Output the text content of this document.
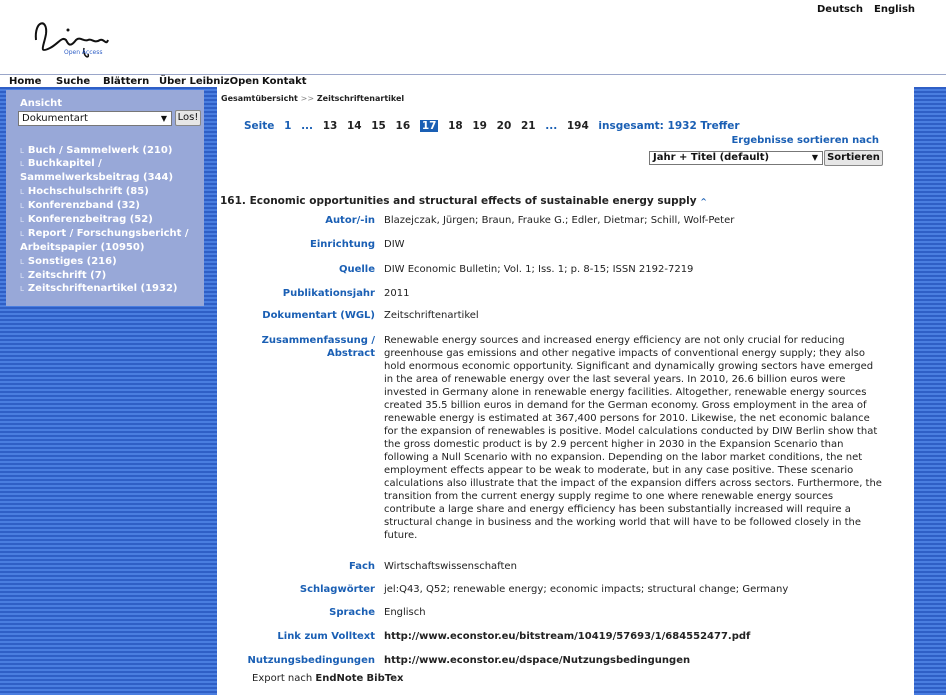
Open Access
Deutsch English
Home Suche Blättern Über LeibnizOpen Kontakt
Ansicht
Dokumentart	▼ Los!
L Buch / Sammelwerk (210)
L Buchkapitel /
Sammelwerksbeitrag (344)
L Hochschulschrift (85)
L Konferenzband (32)
L Konferenzbeitrag (52)
L Report / Forschungsbericht /
Arbeitspapier (10950)
L Sonstiges (216)
L Zeitschrift (7)
L Zeitschriftenartikel (1932)
Gesamtübersicht >> Zeitschriftenartikel
Seite 1 ... 13 14 15 16 17 18 19 20 21 ... 194 insgesamt: 1932 Treffer
Ergebnisse sortieren nach
Jahr + Titel (default)	▼ Sortieren
161. Economic opportunities and structural effects of sustainable energy supply ^
Autor/-in Blazejczak, Jürgen; Braun, Frauke G.; Edler, Dietmar; Schill, Wolf-Peter
Einrichtung DIW
Quelle DIW Economic Bulletin; Vol. 1; Iss. 1; p. 8-15; ISSN 2192-7219
Publikationsjahr 2011
Dokumentart (WGL) Zeitschriftenartikel
Zusammenfassung /
Abstract
Renewable energy sources and increased energy efficiency are not only crucial for reducing greenhouse gas emissions and other negative impacts of conventional energy supply; they also hold enormous economic opportunity. Significant and dynamically growing sectors have emerged in the area of renewable energy over the last several years. In 2010, 26.6 billion euros were invested in Germany alone in renewable energy facilities. Altogether, renewable energy sources created 35.5 billion euros in demand for the German economy. Gross employment in the area of renewable energy is estimated at 367,400 persons for 2010. Likewise, the net economic balance for the expansion of renewables is positive. Model calculations conducted by DIW Berlin show that the gross domestic product is by 2.9 percent higher in 2030 in the Expansion Scenario than following a Null Scenario with no expansion. Depending on the labor market conditions, the net employment effects appear to be weak to moderate, but in any case positive. These scenario calculations also illustrate that the impact of the expansion differs across sectors. Furthermore, the transition from the current energy supply regime to one where renewable energy sources contribute a large share and energy efficiency has been substantially increased will require a structural change in business and the working world that will have to be followed closely in the future.
Fach Wirtschaftswissenschaften
Schlagwörter jel:Q43, Q52; renewable energy; economic impacts; structural change; Germany
Sprache Englisch
Link zum Volltext http://www.econstor.eu/bitstream/10419/57693/1/684552477.pdf
Nutzungsbedingungen http://www.econstor.eu/dspace/Nutzungsbedingungen
Export nach EndNote BibTex
